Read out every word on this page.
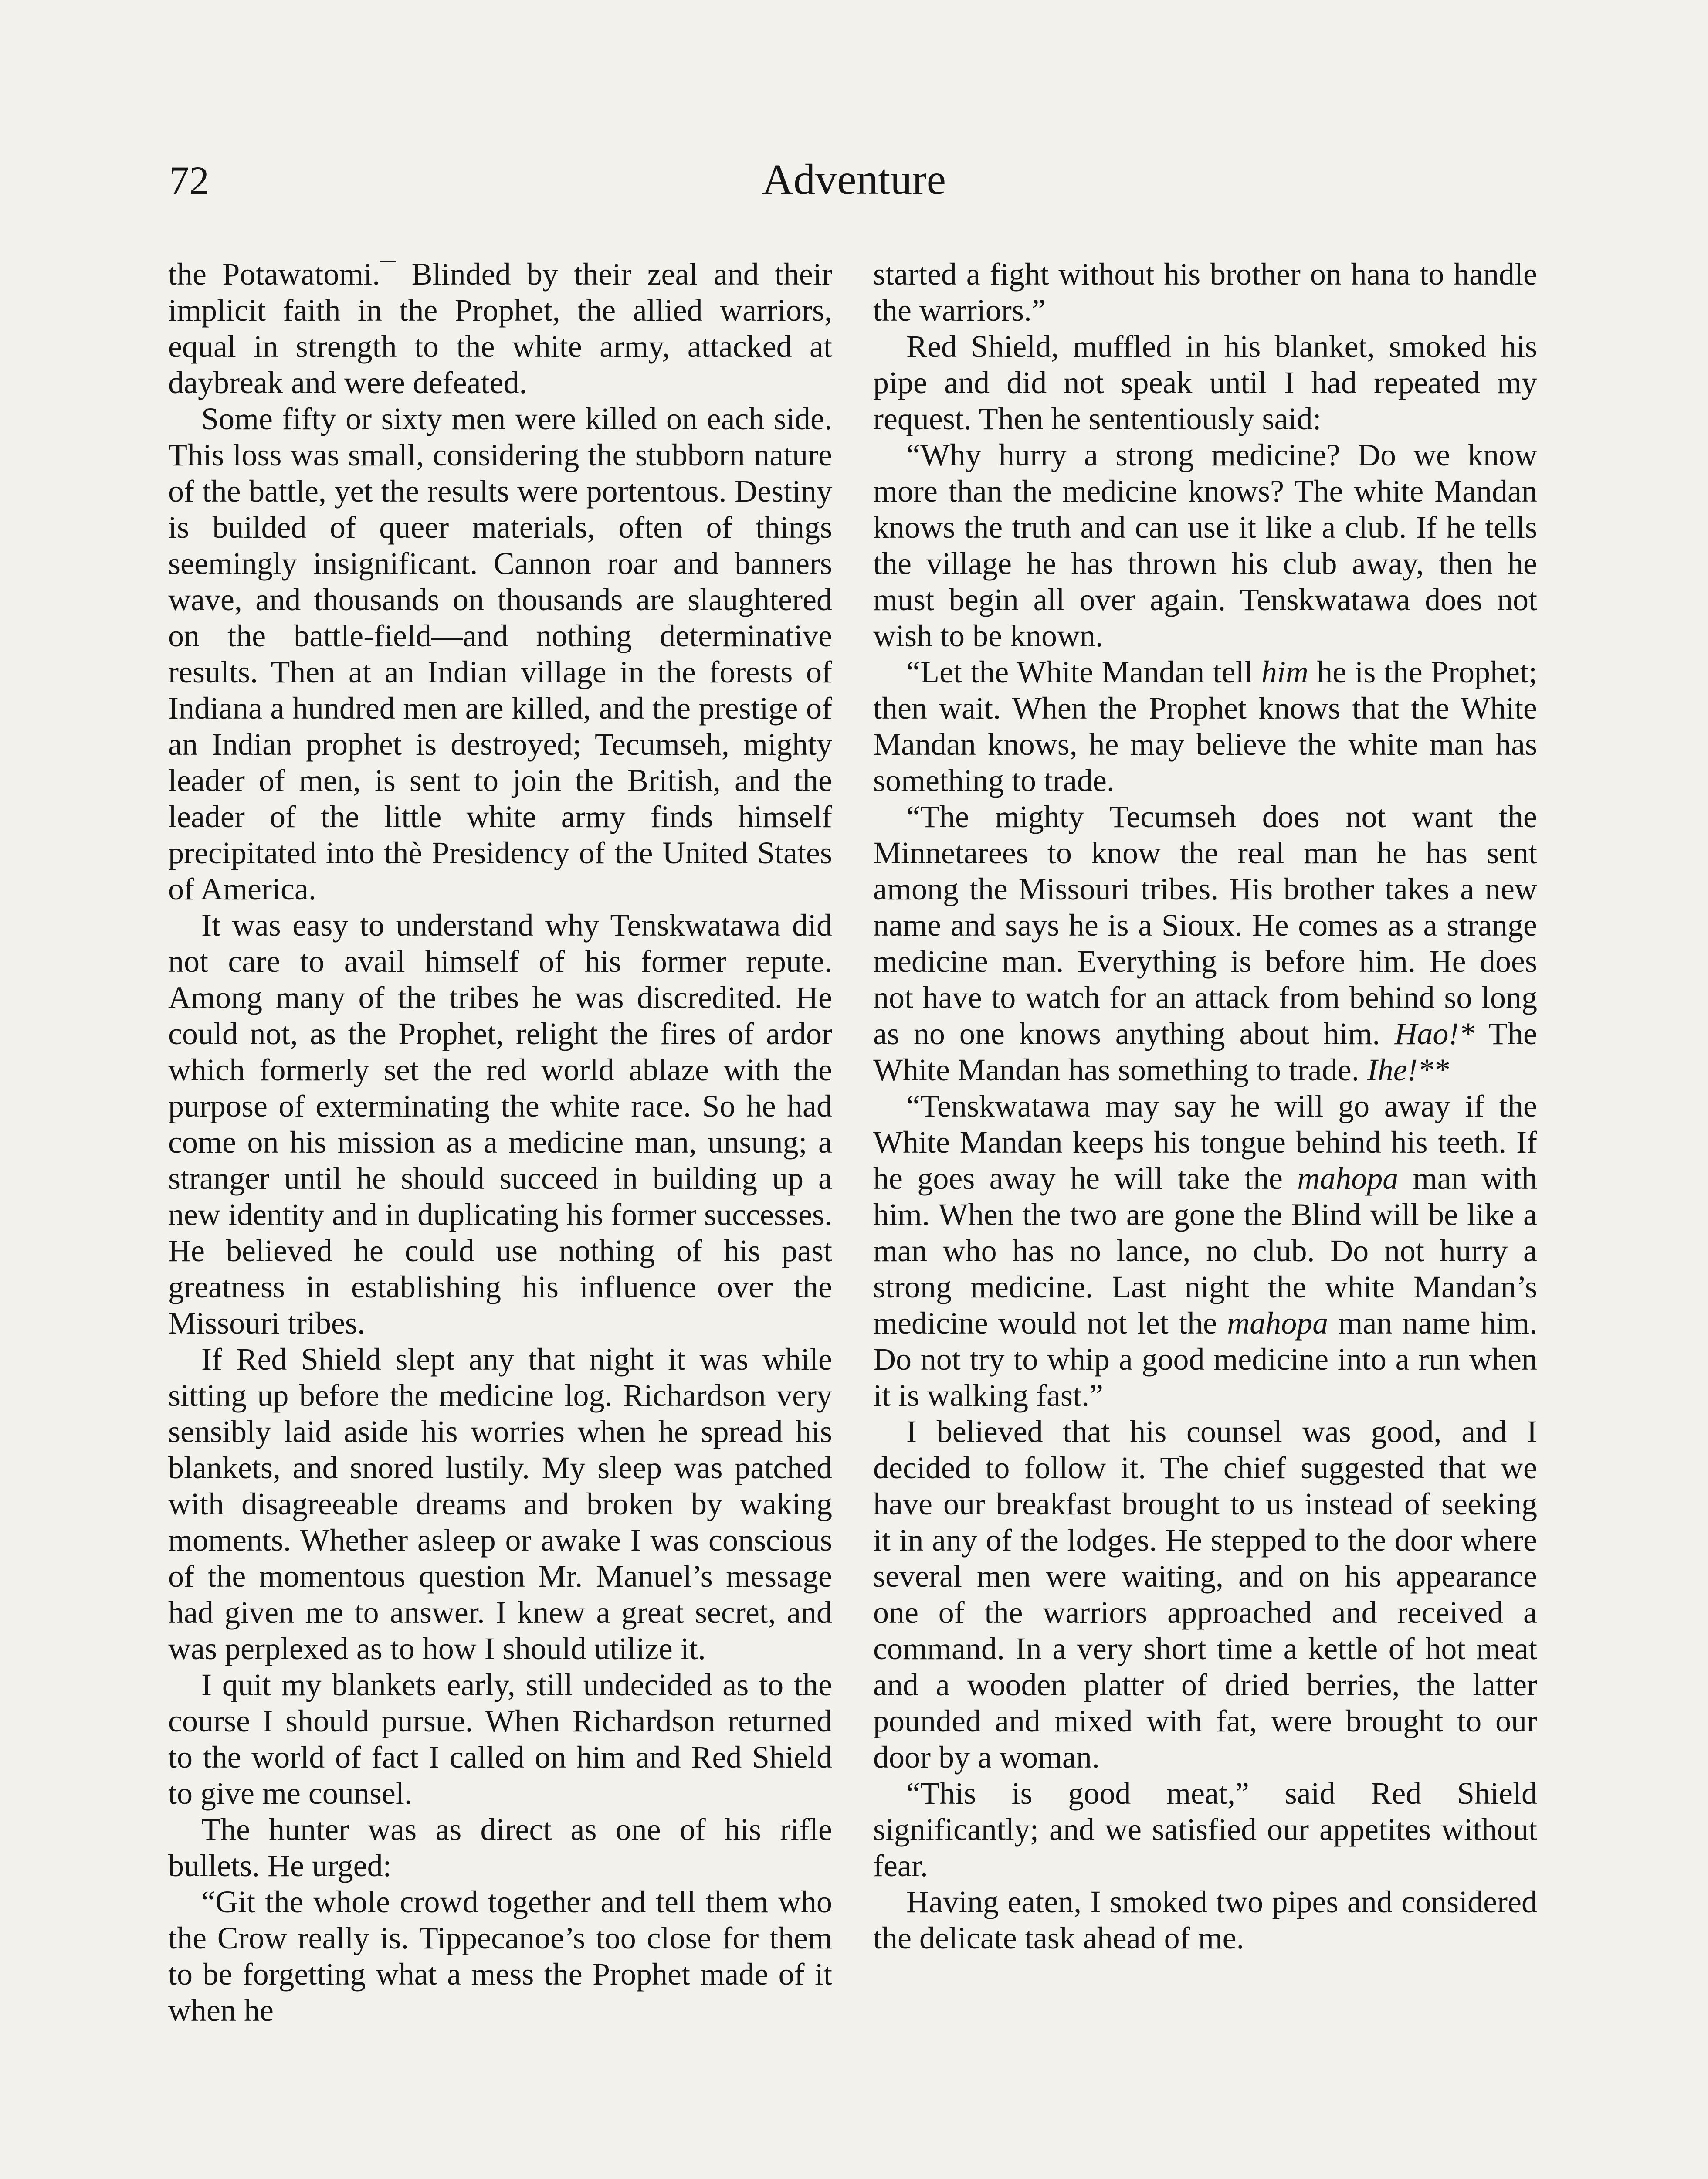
72	Adventure

the Potawatomi.¯ Blinded by their zeal and their implicit faith in the Prophet, the allied warriors, equal in strength to the white army, attacked at daybreak and were defeated.

Some fifty or sixty men were killed on each side. This loss was small, considering the stubborn nature of the battle, yet the results were portentous. Destiny is builded of queer materials, often of things seemingly insignificant. Cannon roar and banners wave, and thousands on thousands are slaughtered on the battle-field—and nothing determinative results. Then at an Indian village in the forests of Indiana a hundred men are killed, and the prestige of an Indian prophet is destroyed; Tecumseh, mighty leader of men, is sent to join the British, and the leader of the little white army finds himself precipitated into thè Presidency of the United States of America.

It was easy to understand why Tenskwatawa did not care to avail himself of his former repute. Among many of the tribes he was discredited. He could not, as the Prophet, relight the fires of ardor which formerly set the red world ablaze with the purpose of exterminating the white race. So he had come on his mission as a medicine man, unsung; a stranger until he should succeed in building up a new identity and in duplicating his former successes. He believed he could use nothing of his past greatness in establishing his influence over the Missouri tribes.

If Red Shield slept any that night it was while sitting up before the medicine log. Richardson very sensibly laid aside his worries when he spread his blankets, and snored lustily. My sleep was patched with disagreeable dreams and broken by waking moments. Whether asleep or awake I was conscious of the momentous question Mr. Manuel’s message had given me to answer. I knew a great secret, and was perplexed as to how I should utilize it.

I quit my blankets early, still undecided as to the course I should pursue. When Richardson returned to the world of fact I called on him and Red Shield to give me counsel.

The hunter was as direct as one of his rifle bullets. He urged:

“Git the whole crowd together and tell them who the Crow really is. Tippecanoe’s too close for them to be forgetting what a mess the Prophet made of it when he

started a fight without his brother on hana to handle the warriors.”

Red Shield, muffled in his blanket, smoked his pipe and did not speak until I had repeated my request. Then he sententiously said:

“Why hurry a strong medicine? Do we know more than the medicine knows? The white Mandan knows the truth and can use it like a club. If he tells the village he has thrown his club away, then he must begin all over again. Tenskwatawa does not wish to be known.

“Let the White Mandan tell him he is the Prophet; then wait. When the Prophet knows that the White Mandan knows, he may believe the white man has something to trade.

“The mighty Tecumseh does not want the Minnetarees to know the real man he has sent among the Missouri tribes. His brother takes a new name and says he is a Sioux. He comes as a strange medicine man. Everything is before him. He does not have to watch for an attack from behind so long as no one knows anything about him. Hao!* The White Mandan has something to trade. Ihe!**

“Tenskwatawa may say he will go away if the White Mandan keeps his tongue behind his teeth. If he goes away he will take the mahopa man with him. When the two are gone the Blind will be like a man who has no lance, no club. Do not hurry a strong medicine. Last night the white Mandan’s medicine would not let the mahopa man name him. Do not try to whip a good medicine into a run when it is walking fast.”

I believed that his counsel was good, and I decided to follow it. The chief suggested that we have our breakfast brought to us instead of seeking it in any of the lodges. He stepped to the door where several men were waiting, and on his appearance one of the warriors approached and received a command. In a very short time a kettle of hot meat and a wooden platter of dried berries, the latter pounded and mixed with fat, were brought to our door by a woman.

“This is good meat,” said Red Shield significantly; and we satisfied our appetites without fear.

Having eaten, I smoked two pipes and considered the delicate task ahead of me.
